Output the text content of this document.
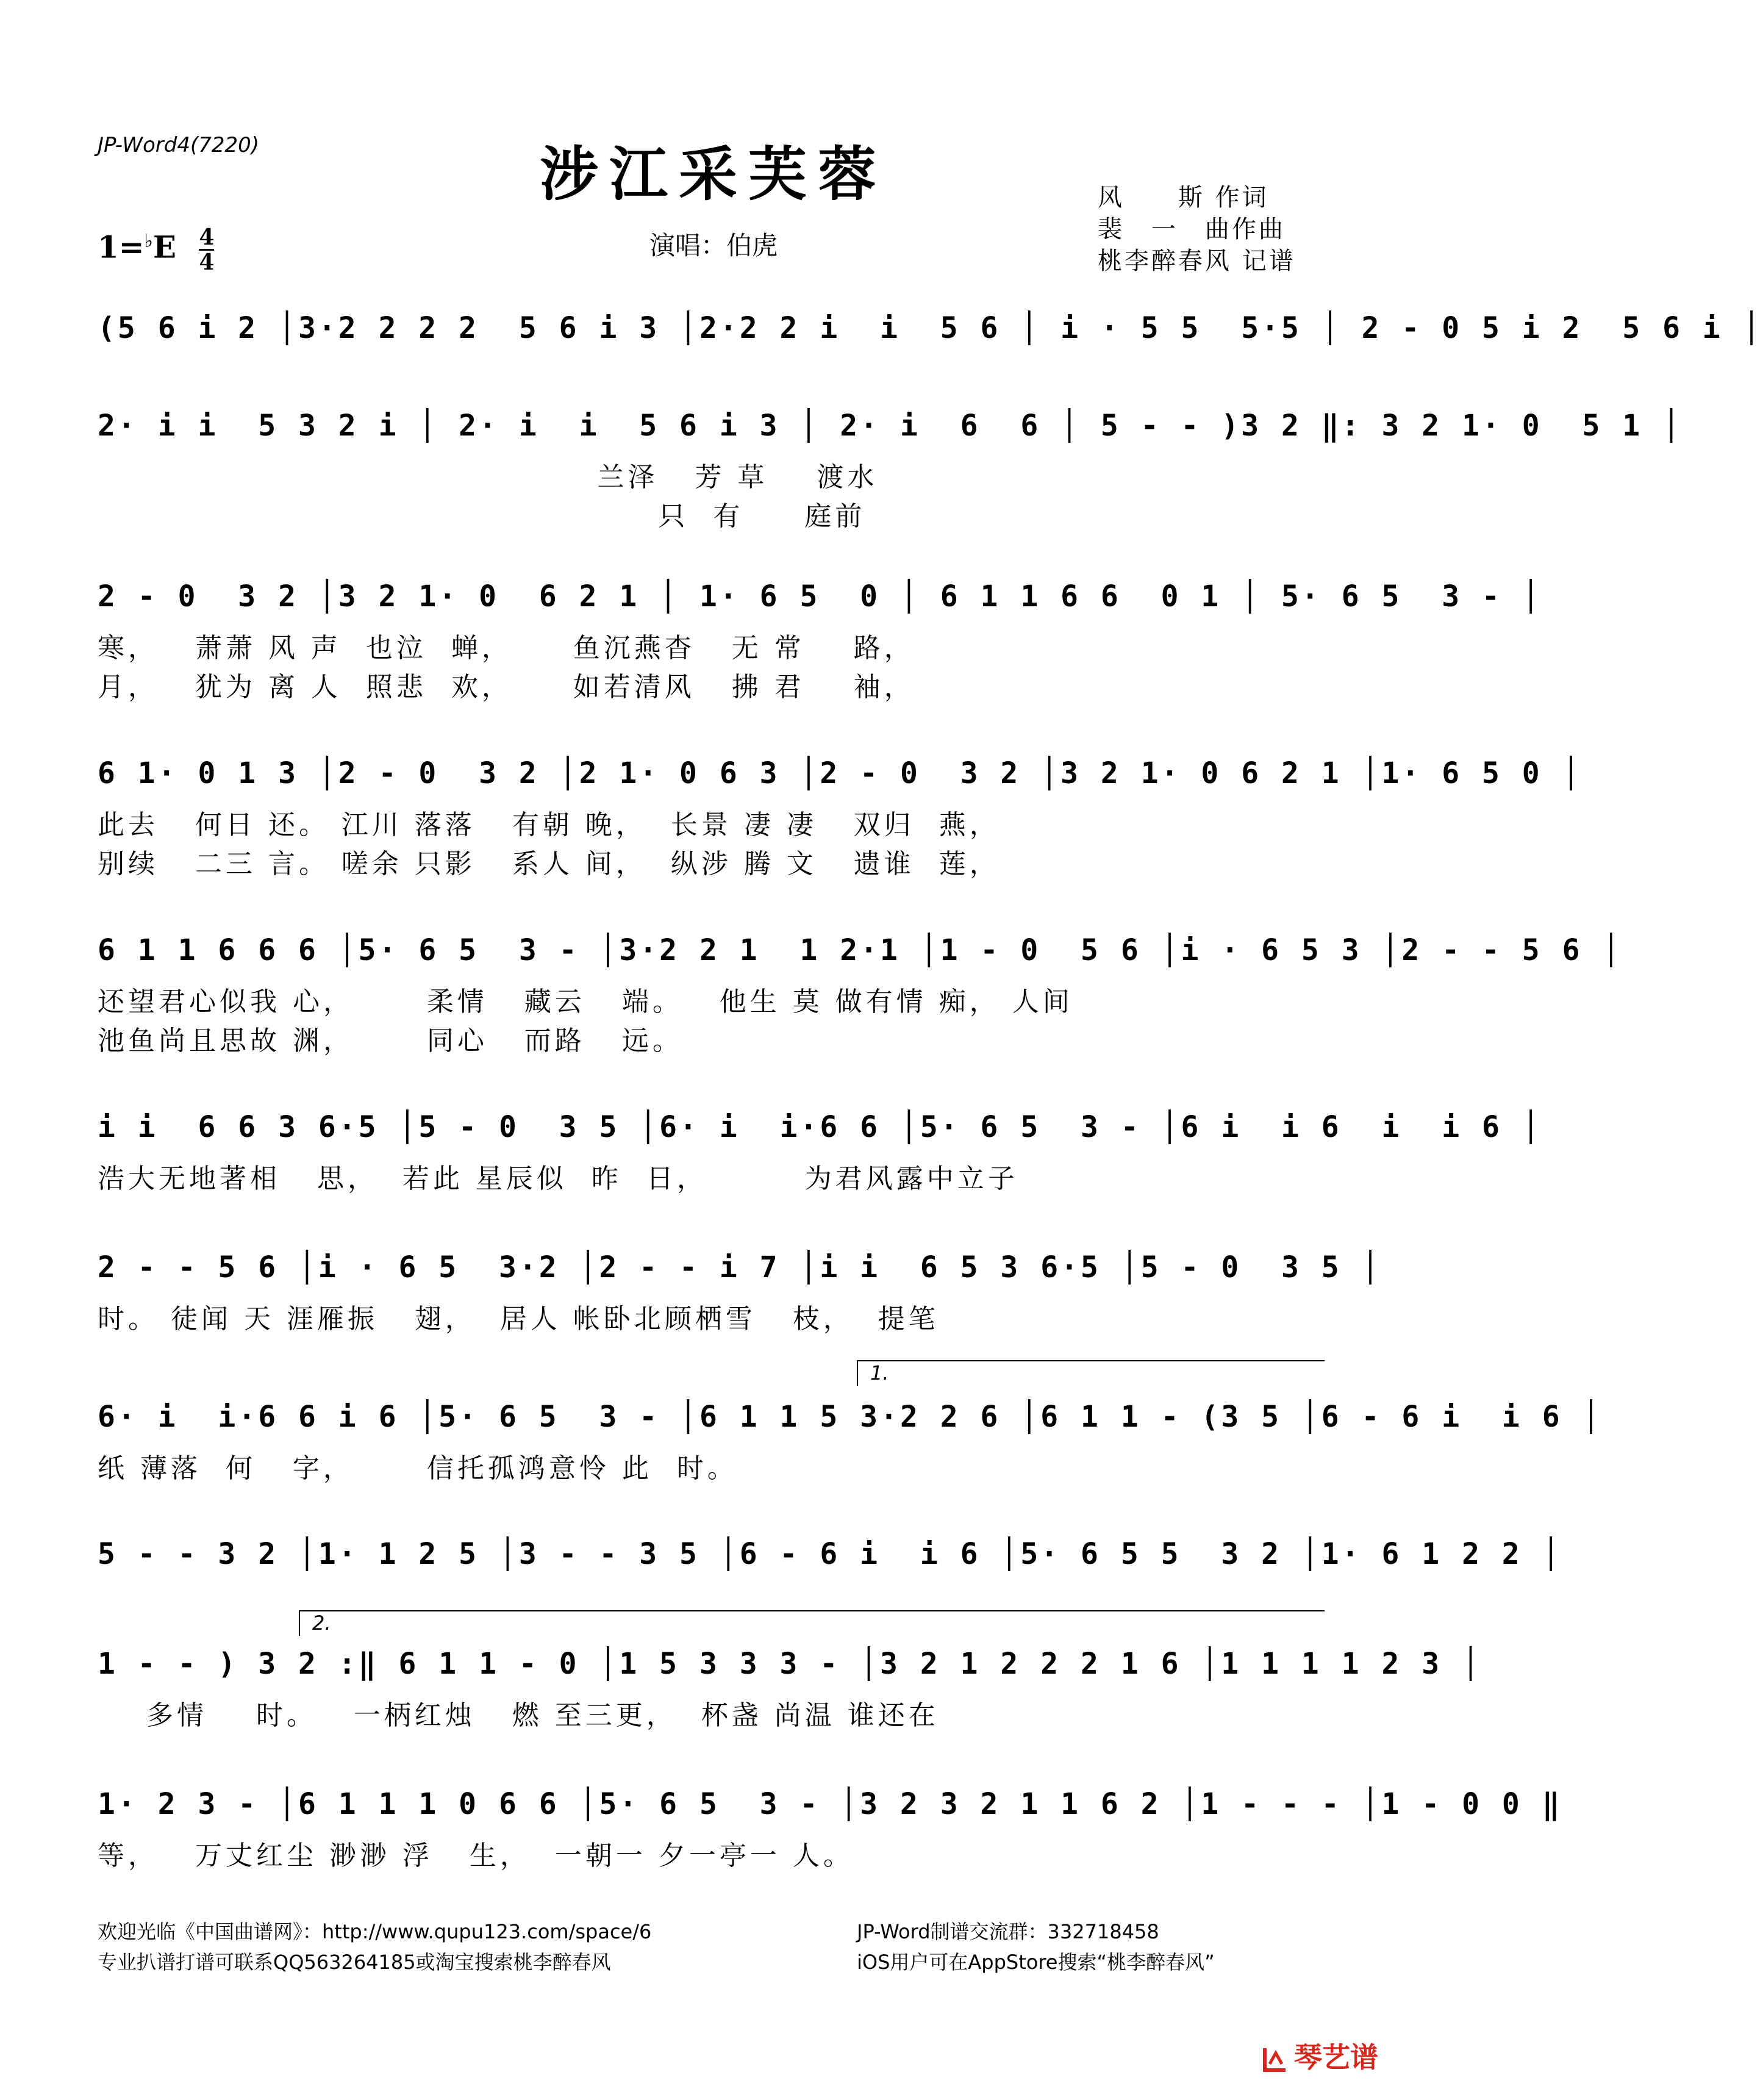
JP-Word4(7220)	涉江采芙蓉
$1=^♭E \frac{4}{4}$	演唱：伯虎
风　　斯 作词
裴　一　曲作曲
桃李醉春风 记谱
(5 6 i 2 │3·2 2 2 2  5 6 i 3 │2·2 2 i  i  5 6 │ i · 5 5  5·5 │ 2 - 0 5 i 2  5 6 i │
2· i i  5 3 2 i │ 2· i  i  5 6 i 3 │ 2· i  6  6 │ 5 - - )3 2 ‖: 3 2 1· 0  5 1 │
兰泽   芳 草    渡水
只  有     庭前
2 - 0  3 2 │3 2 1· 0  6 2 1 │ 1· 6 5  0 │ 6 1 1 6 6  0 1 │ 5· 6 5  3 - │
寒，   萧萧 风 声  也泣  蝉，     鱼沉燕杳   无 常    路，
月，   犹为 离 人  照悲  欢，     如若清风   拂 君    袖，
6 1· 0 1 3 │2 - 0  3 2 │2 1· 0 6 3 │2 - 0  3 2 │3 2 1· 0 6 2 1 │1· 6 5 0 │
此去   何日 还。 江川 落落   有朝 晚，  长景 凄 凄   双归  燕，
别续   二三 言。 嗟余 只影   系人 间，  纵涉 腾 文   遗谁  莲，
6 1 1 6 6 6 │5· 6 5  3 - │3·2 2 1  1 2·1 │1 - 0  5 6 │i · 6 5 3 │2 - - 5 6 │
还望君心似我 心，      柔情   藏云   端。   他生 莫 做有情 痴， 人间
池鱼尚且思故 渊，      同心   而路   远。
i i  6 6 3 6·5 │5 - 0  3 5 │6· i  i·6 6 │5· 6 5  3 - │6 i  i 6  i  i 6 │
浩大无地著相   思，  若此 星辰似  昨  日，        为君风露中立子
2 - - 5 6 │i · 6 5  3·2 │2 - - i 7 │i i  6 5 3 6·5 │5 - 0  3 5 │
时。 徒闻 天 涯雁振   翅，  居人 帐卧北顾栖雪   枝，  提笔
1.
6· i  i·6 6 i 6 │5· 6 5  3 - │6 1 1 5 3·2 2 6 │6 1 1 - (3 5 │6 - 6 i  i 6 │
纸 薄落  何   字，      信托孤鸿意怜 此  时。
5 - - 3 2 │1· 1 2 5 │3 - - 3 5 │6 - 6 i  i 6 │5· 6 5 5  3 2 │1· 6 1 2 2 │
2.
1 - - ) 3 2 :‖ 6 1 1 - 0 │1 5 3 3 3 - │3 2 1 2 2 2 1 6 │1 1 1 1 2 3 │
多情    时。   一柄红烛   燃 至三更，  杯盏 尚温 谁还在
1· 2 3 - │6 1 1 1 0 6 6 │5· 6 5  3 - │3 2 3 2 1 1 6 2 │1 - - - │1 - 0 0 ‖
等，   万丈红尘 渺渺 浮   生，  一朝一 夕一亭一 人。
欢迎光临《中国曲谱网》：http://www.qupu123.com/space/6
专业扒谱打谱可联系QQ563264185或淘宝搜索桃李醉春风
JP-Word制谱交流群：332718458
iOS用户可在AppStore搜索“桃李醉春风”
琴艺谱
